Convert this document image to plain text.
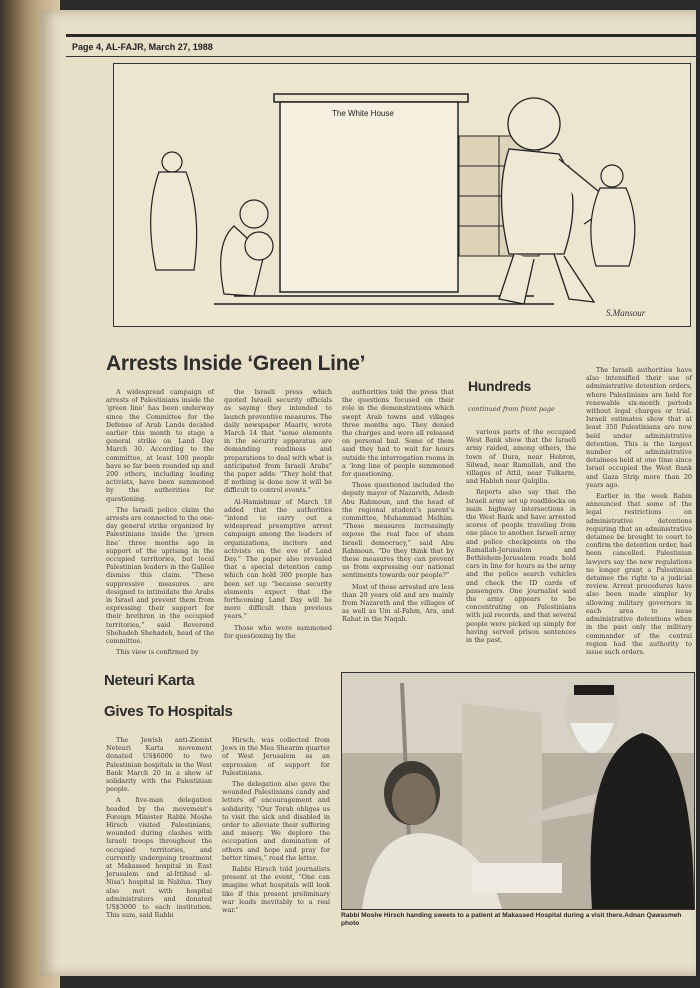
Page 4, AL-FAJR, March 27, 1988
The White House
S.Mansour
Arrests Inside ‘Green Line’

A widespread campaign of arrests of Palestinians inside the ‘green line’ has been underway since the Committee for the Defense of Arab Lands decided earlier this month to stage a general strike on Land Day March 30. According to the committee, at least 100 people have so far been rounded up and 200 others, including leading activists, have been summoned by the authorities for questioning.

The Israeli police claim the arrests are connected to the one-day general strike organized by Palestinians inside the ‘green line’ three months ago in support of the uprising in the occupied territories, but local Palestinian leaders in the Galilee dismiss this claim. “These suppressive measures are designed to intimidate the Arabs in Israel and prevent them from expressing their support for their brethren in the occupied territories,” said Reverend Shehadeh Shehadeh, head of the committee.

This view is confirmed by

the Israeli press which quoted Israeli security officials as saying they intended to launch preventive measures. The daily newspaper Maariv, wrote March 14 that “some elements in the security apparatus are demanding readiness and preparations to deal with what is anticipated from Israeli Arabs” the paper adds: “They hold that if nothing is done now it will be difficult to control events.”

Al-Hamishmar of March 18 added that the authorities “intend to carry out a widespread preemptive arrest campaign among the leaders of organizations, inciters and activists on the eve of Land Day.” The paper also revealed that a special detention camp which can hold 300 people has been set up “because security elements expect that the forthcoming Land Day will be more difficult than previous years.”

Those who were summoned for questioning by the

authorities told the press that the questions focused on their role in the demonstrations which swept Arab towns and villages three months ago. They denied the charges and were all released on personal bail. Some of them said they had to wait for hours outside the interrogation rooms in a ‘long line of people summoned for questioning.

Those questioned included the deputy mayor of Nazareth, Adeeb Abu Rahmoun, and the head of the regional student’s parent’s committee, Muhammad Melhim. “These measures increasingly expose the real face of sham Israeli democracy,” said Abu Rahmoun. “Do they think that by these measures they can prevent us from expressing our national sentiments towards our people?”

Most of those arrested are less than 20 years old and are mainly from Nazareth and the villages of as well as Um al-Fahm, Ara, and Rahat in the Naqab.

Hundreds
continued from front page

various parts of the occupied West Bank show that the Israeli army raided, among others, the town of Dura, near Hebron, Silwad, near Ramallah, and the villages of Attil, near Tulkarm, and Hableh near Qalqilia.

Reports also say that the Israeli army set up roadblocks on main highway intersections in the West Bank and have arrested scores of people traveling from one place to another. Israeli army and police checkpoints on the Ramallah-Jerusalem and Bethlehem-Jerusalem roads hold cars in line for hours as the army and the police search vehicles and check the ID cards of passengers. One journalist said the army appears to be concentrating on Palestinians with jail records, and that several people were picked up simply for having served prison sentences in the past.

The Israeli authorities have also intensified their use of administrative detention orders, where Palestinians are held for renewable six-month periods without legal charges or trial. Israeli estimates show that at least 350 Palestinians are now held under administrative detention. This is the largest number of administrative detainees held at one time since Israel occupied the West Bank and Gaza Strip more than 20 years ago.

Earlier in the week Rabin announced that some of the legal restrictions on administrative detentions requiring that an administrative detainee be brought to court to confirm the detention order, had been cancelled. Palestinian lawyers say the new regulations no longer grant a Palestinian detainee the right to a judicial review. Arrest procedures have also been made simpler by allowing military governors in each area to issue administrative detentions when in the past only the military commander of the central region had the authority to issue such orders.

Neteuri Karta
Gives To Hospitals

The Jewish anti-Zionist Neteuri Karta movement donated US$6000 to two Palestinian hospitals in the West Bank March 20 in a show of solidarity with the Palestinian people.

A five-man delegation headed by the movement’s Foreign Minister Rabbi Moshe Hirsch visited Palestinians, wounded during clashes with Israeli troops throughout the occupied territories, and currently undergoing treatment at Makassed hospital in East Jerusalem and al-Ittihad al-Nisa’i hospital in Nablus. They also met with hospital administrators and donated US$3000 to each institution. This sum, said Rabbi

Hirsch, was collected from Jews in the Mea Shearim quarter of West Jerusalem as an expression of support for Palestinians.

The delegation also gave the wounded Palestinians candy and letters of encouragement and solidarity. “Our Torah obliges us to visit the sick and disabled in order to alleviate their suffering and misery. We deplore the occupation and domination of others and hope and pray for better times,” read the letter.

Rabbi Hirsch told journalists present at the event, “One can imagine what hospitals will look like if this present preliminary war leads inevitably to a real war.”

Rabbi Moshe Hirsch handing sweets to a patient at Makassed Hospital during a visit there.Adnan Qawasmeh photo
